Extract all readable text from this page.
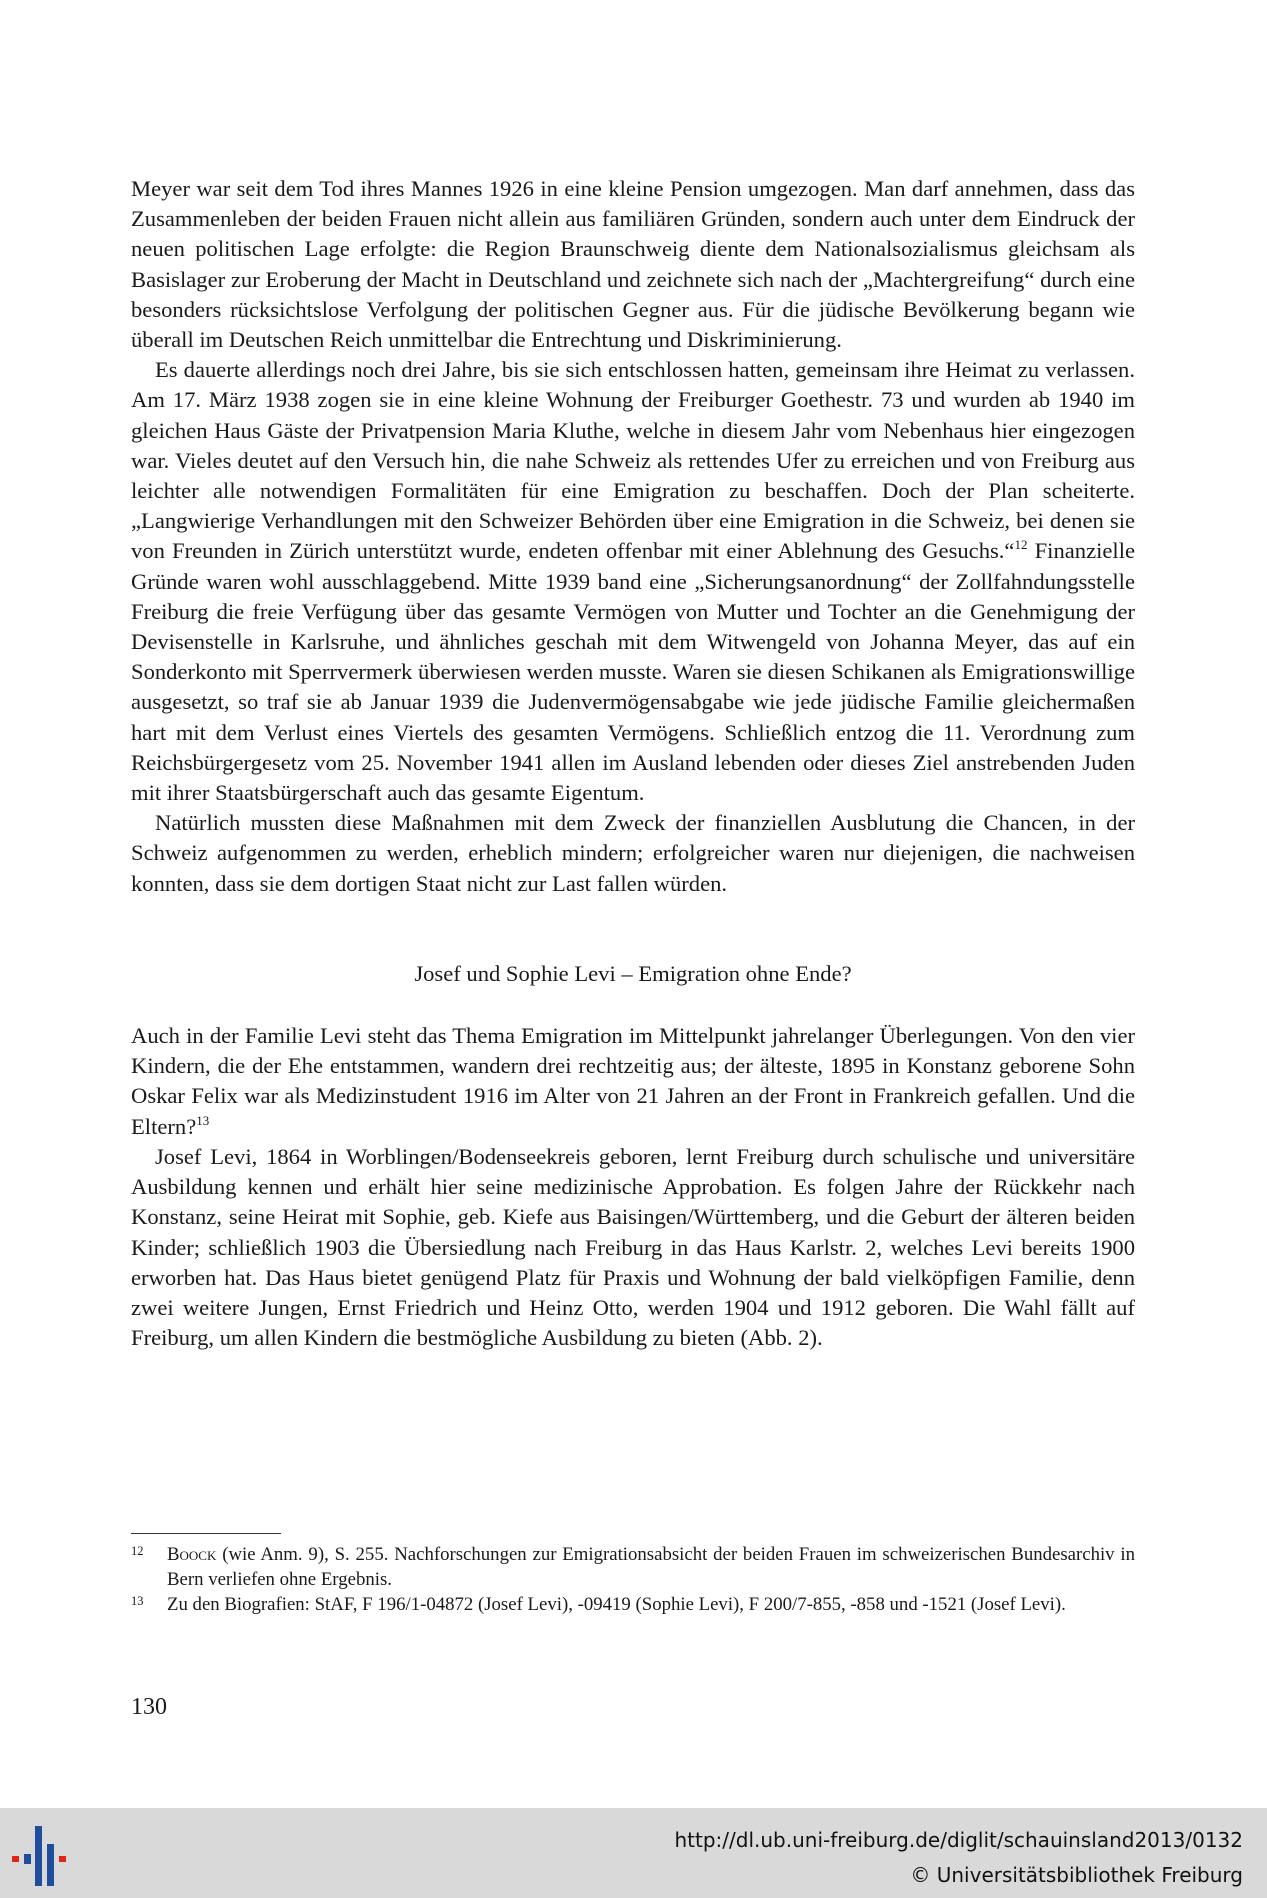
Meyer war seit dem Tod ihres Mannes 1926 in eine kleine Pension umgezogen. Man darf annehmen, dass das Zusammenleben der beiden Frauen nicht allein aus familiären Gründen, sondern auch unter dem Eindruck der neuen politischen Lage erfolgte: die Region Braunschweig diente dem Nationalsozialismus gleichsam als Basislager zur Eroberung der Macht in Deutschland und zeichnete sich nach der „Machtergreifung“ durch eine besonders rücksichtslose Verfolgung der politischen Gegner aus. Für die jüdische Bevölkerung begann wie überall im Deutschen Reich unmittelbar die Entrechtung und Diskriminierung.

Es dauerte allerdings noch drei Jahre, bis sie sich entschlossen hatten, gemeinsam ihre Heimat zu verlassen. Am 17. März 1938 zogen sie in eine kleine Wohnung der Freiburger Goethestr. 73 und wurden ab 1940 im gleichen Haus Gäste der Privatpension Maria Kluthe, welche in diesem Jahr vom Nebenhaus hier eingezogen war. Vieles deutet auf den Versuch hin, die nahe Schweiz als rettendes Ufer zu erreichen und von Freiburg aus leichter alle notwendigen Formalitäten für eine Emigration zu beschaffen. Doch der Plan scheiterte. „Langwierige Verhandlungen mit den Schweizer Behörden über eine Emigration in die Schweiz, bei denen sie von Freunden in Zürich unterstützt wurde, endeten offenbar mit einer Ablehnung des Gesuchs.“$^{12}$ Finanzielle Gründe waren wohl ausschlaggebend. Mitte 1939 band eine „Sicherungsanordnung“ der Zollfahndungsstelle Freiburg die freie Verfügung über das gesamte Vermögen von Mutter und Tochter an die Genehmigung der Devisenstelle in Karlsruhe, und ähnliches geschah mit dem Witwengeld von Johanna Meyer, das auf ein Sonderkonto mit Sperrvermerk überwiesen werden musste. Waren sie diesen Schikanen als Emigrationswillige ausgesetzt, so traf sie ab Januar 1939 die Judenvermögensabgabe wie jede jüdische Familie gleichermaßen hart mit dem Verlust eines Viertels des gesamten Vermögens. Schließlich entzog die 11. Verordnung zum Reichsbürgergesetz vom 25. November 1941 allen im Ausland lebenden oder dieses Ziel anstrebenden Juden mit ihrer Staatsbürgerschaft auch das gesamte Eigentum.

Natürlich mussten diese Maßnahmen mit dem Zweck der finanziellen Ausblutung die Chancen, in der Schweiz aufgenommen zu werden, erheblich mindern; erfolgreicher waren nur diejenigen, die nachweisen konnten, dass sie dem dortigen Staat nicht zur Last fallen würden.

Josef und Sophie Levi – Emigration ohne Ende?

Auch in der Familie Levi steht das Thema Emigration im Mittelpunkt jahrelanger Überlegungen. Von den vier Kindern, die der Ehe entstammen, wandern drei rechtzeitig aus; der älteste, 1895 in Konstanz geborene Sohn Oskar Felix war als Medizinstudent 1916 im Alter von 21 Jahren an der Front in Frankreich gefallen. Und die Eltern?$^{13}$

Josef Levi, 1864 in Worblingen/Bodenseekreis geboren, lernt Freiburg durch schulische und universitäre Ausbildung kennen und erhält hier seine medizinische Approbation. Es folgen Jahre der Rückkehr nach Konstanz, seine Heirat mit Sophie, geb. Kiefe aus Baisingen/Württemberg, und die Geburt der älteren beiden Kinder; schließlich 1903 die Übersiedlung nach Freiburg in das Haus Karlstr. 2, welches Levi bereits 1900 erworben hat. Das Haus bietet genügend Platz für Praxis und Wohnung der bald vielköpfigen Familie, denn zwei weitere Jungen, Ernst Friedrich und Heinz Otto, werden 1904 und 1912 geboren. Die Wahl fällt auf Freiburg, um allen Kindern die bestmögliche Ausbildung zu bieten (Abb. 2).

12	Boock (wie Anm. 9), S. 255. Nachforschungen zur Emigrationsabsicht der beiden Frauen im schweizerischen Bundesarchiv in Bern verliefen ohne Ergebnis.
13	Zu den Biografien: StAF, F 196/1-04872 (Josef Levi), -09419 (Sophie Levi), F 200/7-855, -858 und -1521 (Josef Levi).
130
http://dl.ub.uni-freiburg.de/diglit/schauinsland2013/0132
© Universitätsbibliothek Freiburg
